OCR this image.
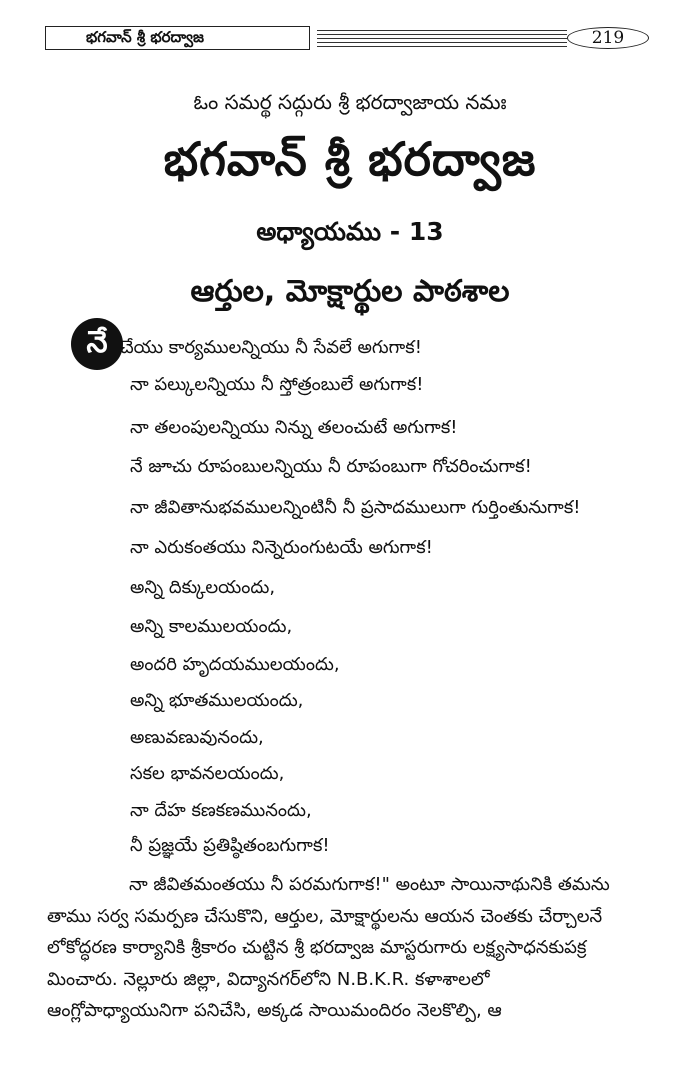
భగవాన్ శ్రీ భరద్వాజ	219
ఓం సమర్థ సద్గురు శ్రీ భరద్వాజాయ నమః
భగవాన్ శ్రీ భరద్వాజ
అధ్యాయము - 13
ఆర్తుల, మోక్షార్థుల పాఠశాల
నే చేయు కార్యములన్నియు నీ సేవలే అగుగాక!
నా పల్కులన్నియు నీ స్తోత్రంబులే అగుగాక!
నా తలంపులన్నియు నిన్ను తలంచుటే అగుగాక!
నే జూచు రూపంబులన్నియు నీ రూపంబుగా గోచరించుగాక!
నా జీవితానుభవములన్నింటినీ నీ ప్రసాదములుగా గుర్తింతునుగాక!
నా ఎరుకంతయు నిన్నెరుంగుటయే అగుగాక!
అన్ని దిక్కులయందు,
అన్ని కాలములయందు,
అందరి హృదయములయందు,
అన్ని భూతములయందు,
అణువణువునందు,
సకల భావనలయందు,
నా దేహ కణకణమునందు,
నీ ప్రజ్ఞయే ప్రతిష్ఠితంబగుగాక!
నా జీవితమంతయు నీ పరమగుగాక!" అంటూ సాయినాథునికి తమను
తాము సర్వ సమర్పణ చేసుకొని, ఆర్తుల, మోక్షార్థులను ఆయన చెంతకు చేర్చాలనే
లోకోద్ధరణ కార్యానికి శ్రీకారం చుట్టిన శ్రీ భరద్వాజ మాస్టరుగారు లక్ష్యసాధనకుపక్ర
మించారు. నెల్లూరు జిల్లా, విద్యానగర్‌లోని N.B.K.R. కళాశాలలో
ఆంగ్లోపాధ్యాయునిగా పనిచేసి, అక్కడ సాయిమందిరం నెలకొల్పి, ఆ
